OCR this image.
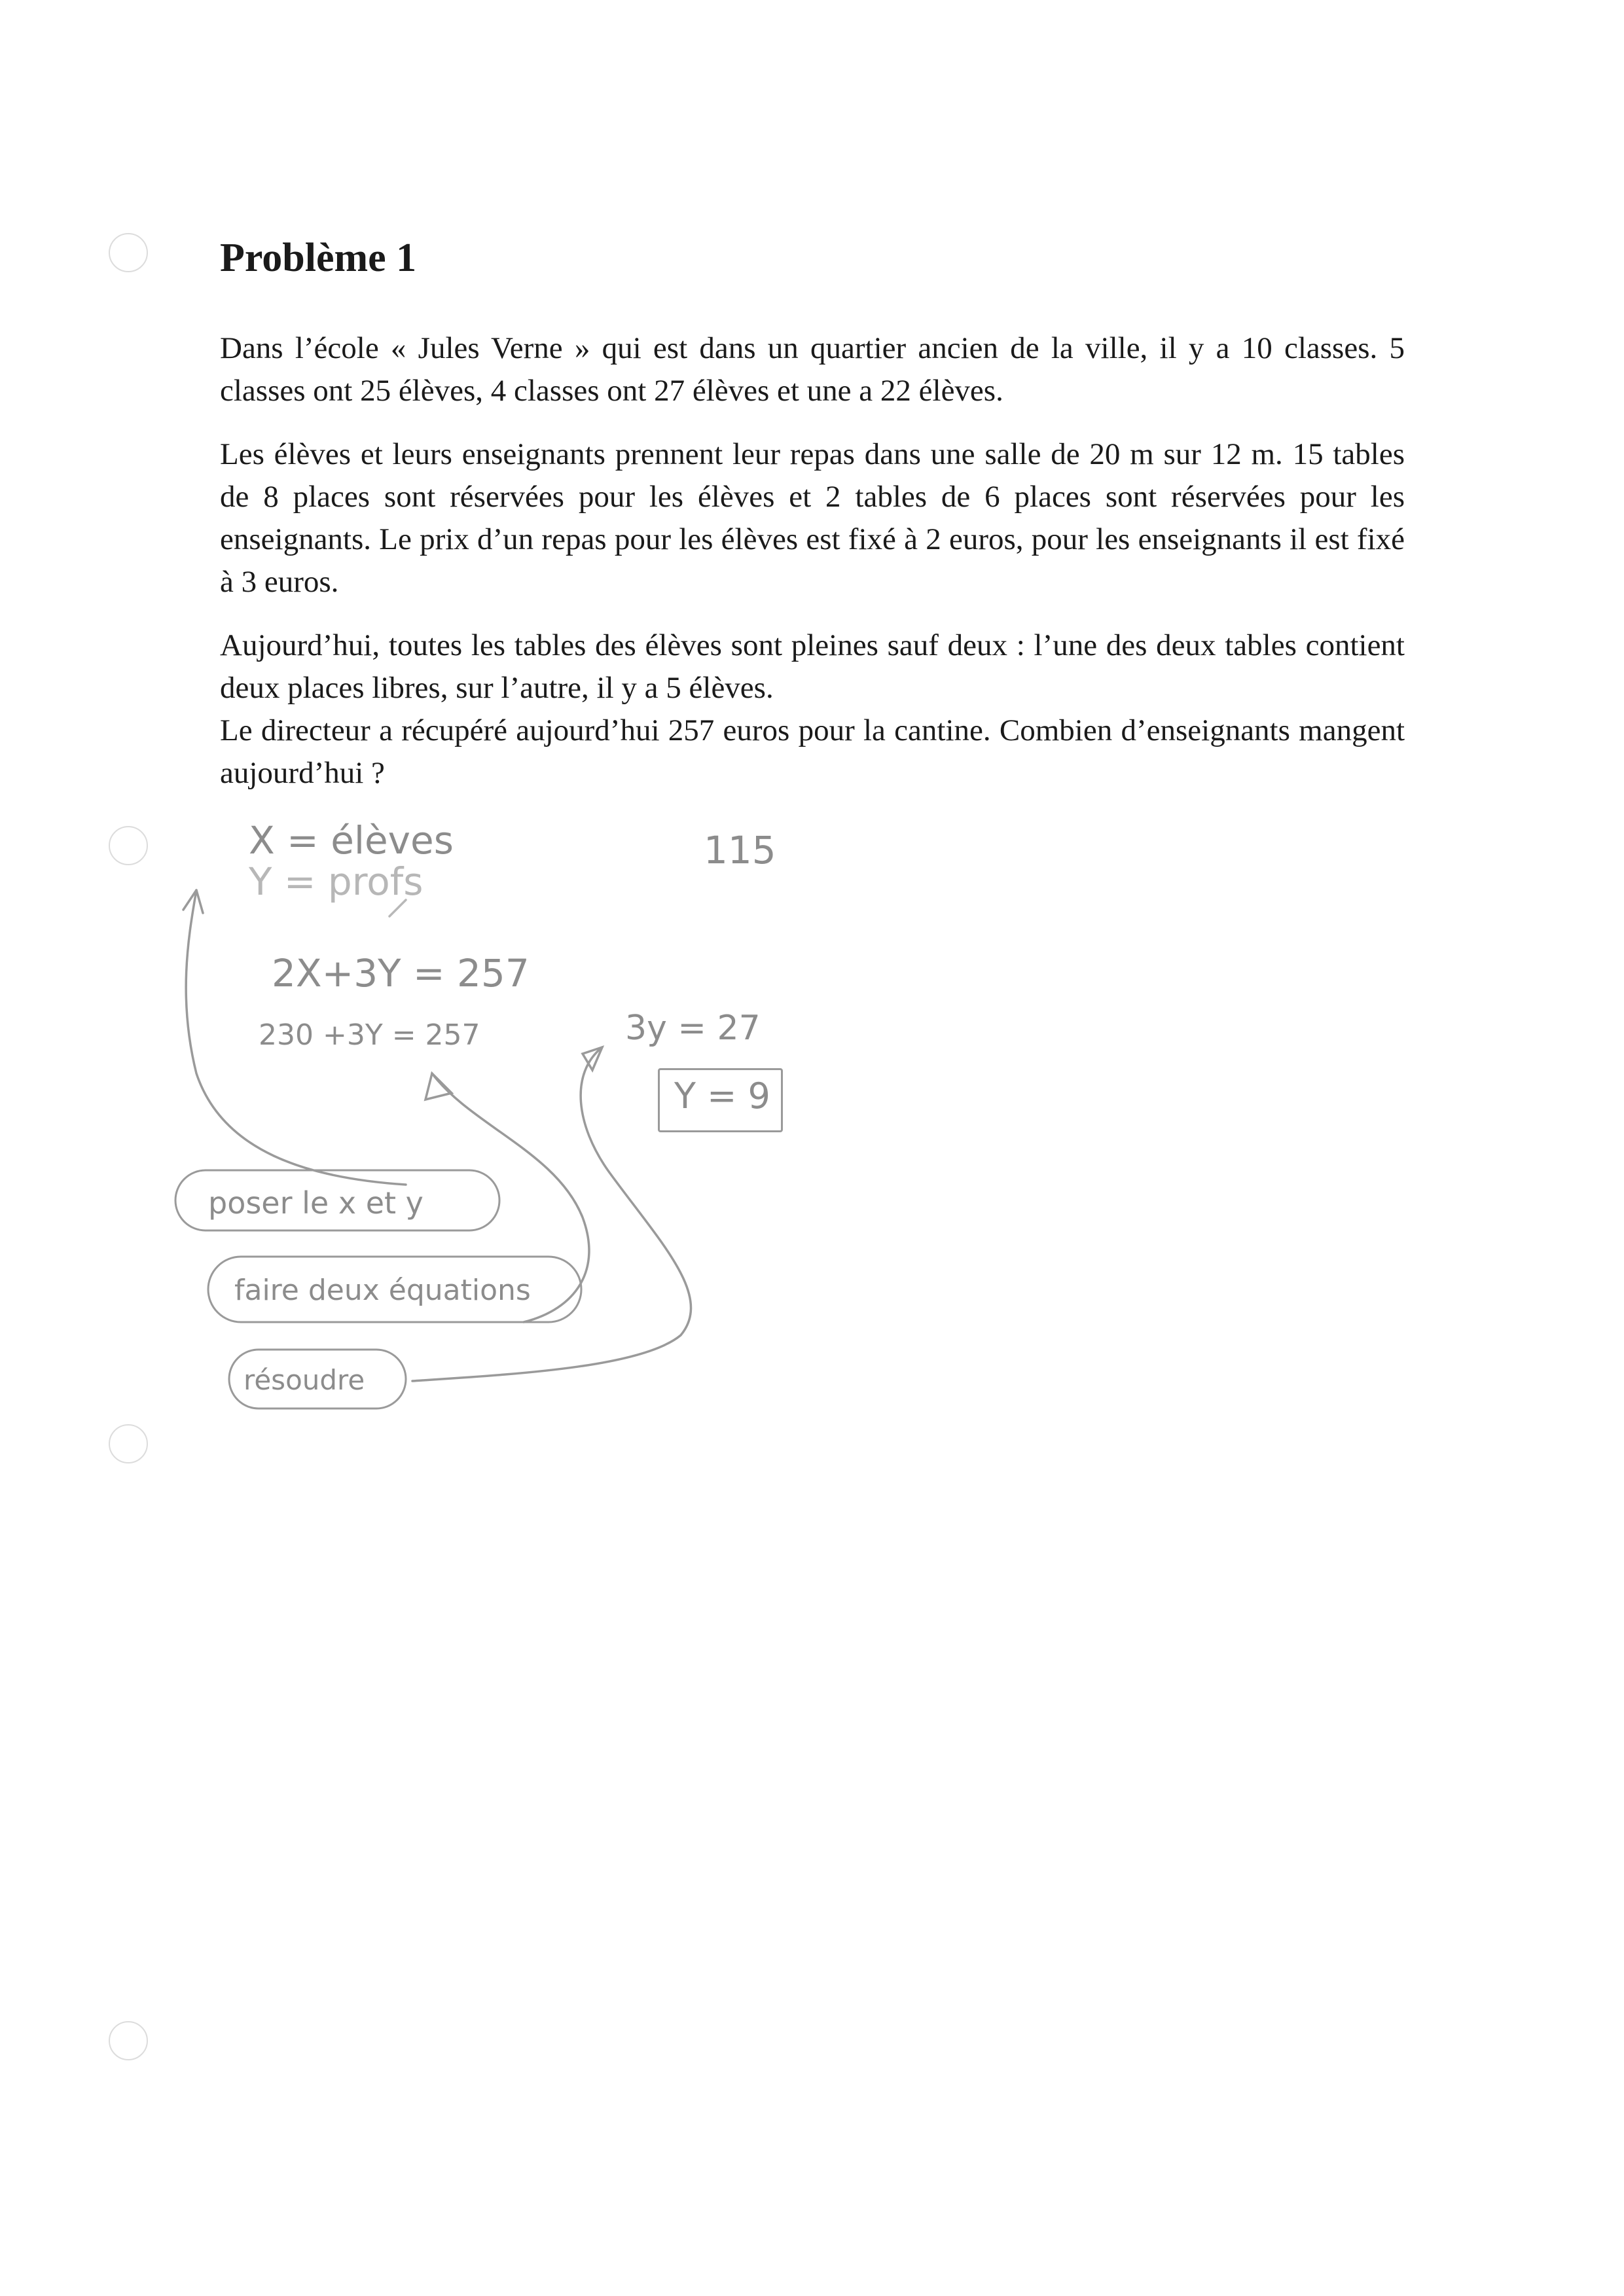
Problème 1

Dans l’école « Jules Verne » qui est dans un quartier ancien de la ville, il y a 10 classes. 5 classes ont 25 élèves, 4 classes ont 27 élèves et une a 22 élèves.

Les élèves et leurs enseignants prennent leur repas dans une salle de 20 m sur 12 m. 15 tables de 8 places sont réservées pour les élèves et 2 tables de 6 places sont réservées pour les enseignants. Le prix d’un repas pour les élèves est fixé à 2 euros, pour les enseignants il est fixé à 3 euros.

Aujourd’hui, toutes les tables des élèves sont pleines sauf deux : l’une des deux tables contient deux places libres, sur l’autre, il y a 5 élèves.

Le directeur a récupéré aujourd’hui 257 euros pour la cantine. Combien d’enseignants mangent aujourd’hui ?

X = élèves
Y = profs
115
2X+3Y = 257
230 +3Y = 257	3y = 27
Y = 9
poser le x et y
faire deux équations
résoudre
